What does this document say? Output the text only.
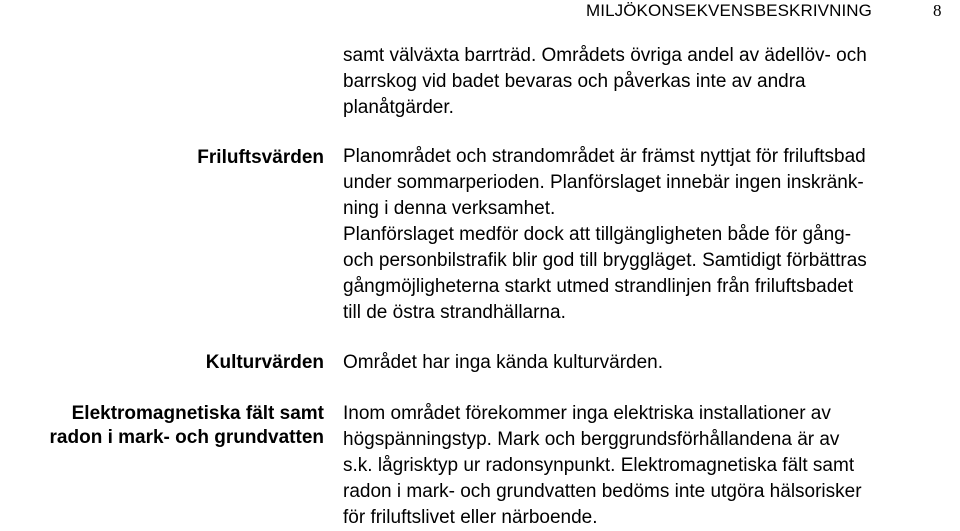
MILJÖKONSEKVENSBESKRIVNING	8
samt välväxta barrträd. Områdets övriga andel av ädellöv- och
barrskog vid badet bevaras och påverkas inte av andra
planåtgärder.
Friluftsvärden Planområdet och strandområdet är främst nyttjat för friluftsbad
under sommarperioden. Planförslaget innebär ingen inskränk-
ning i denna verksamhet.
Planförslaget medför dock att tillgängligheten både för gång-
och personbilstrafik blir god till bryggläget. Samtidigt förbättras
gångmöjligheterna starkt utmed strandlinjen från friluftsbadet
till de östra strandhällarna.
Kulturvärden Området har inga kända kulturvärden.
Elektromagnetiska fält samt
radon i mark- och grundvatten
Inom området förekommer inga elektriska installationer av
högspänningstyp. Mark och berggrundsförhållandena är av
s.k. lågrisktyp ur radonsynpunkt. Elektromagnetiska fält samt
radon i mark- och grundvatten bedöms inte utgöra hälsorisker
för friluftslivet eller närboende.
